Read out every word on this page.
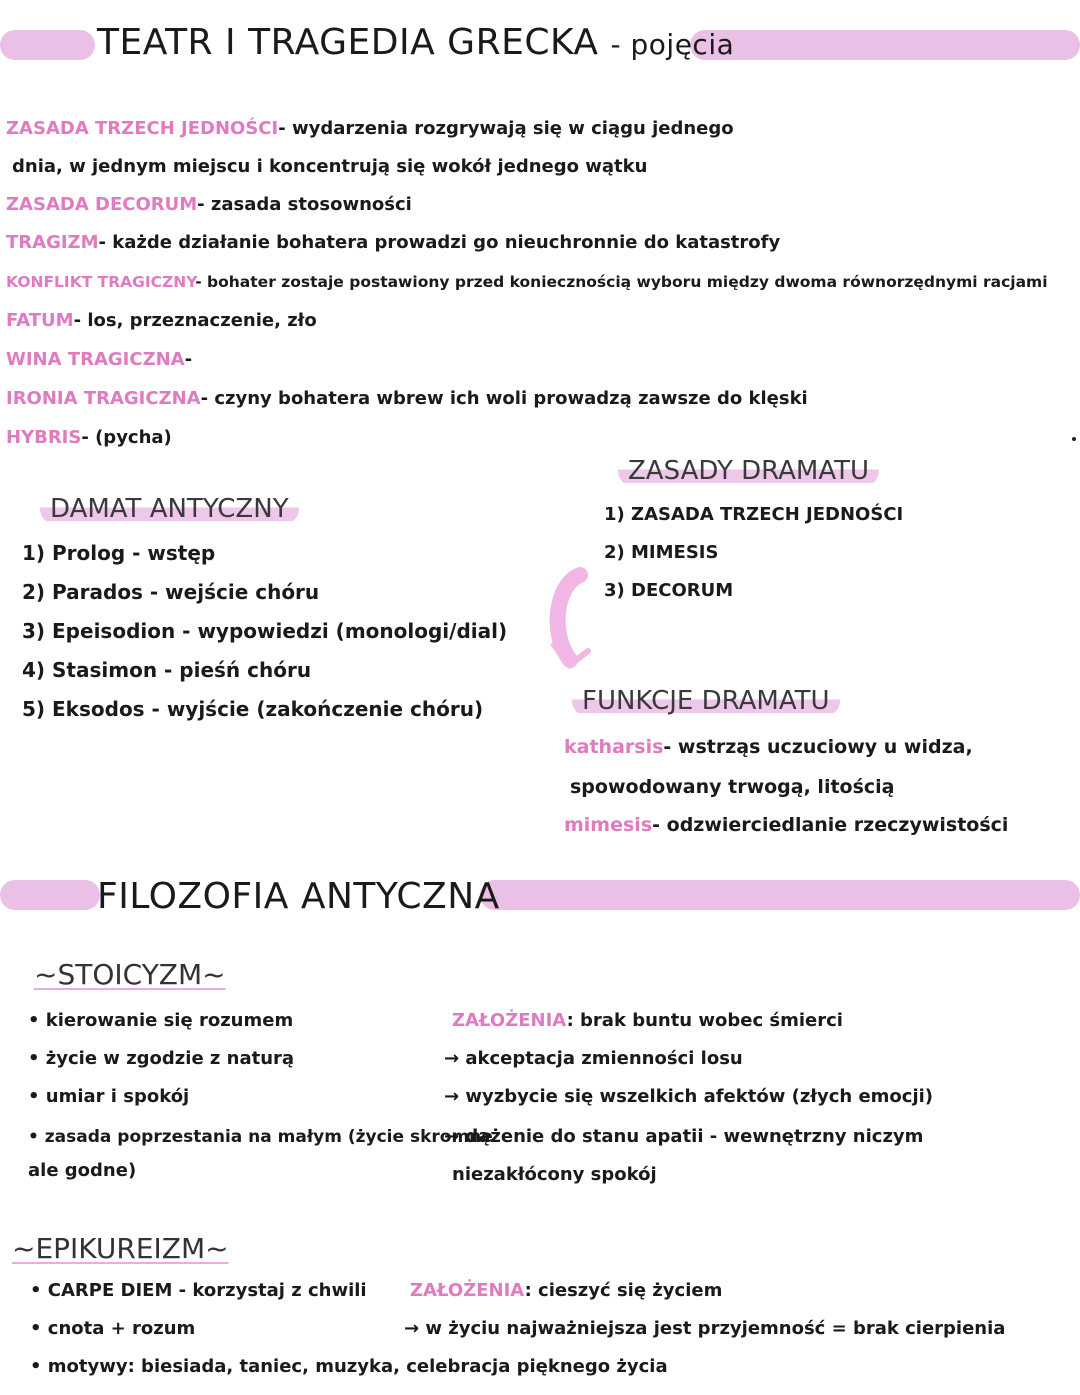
TEATR I TRAGEDIA GRECKA - pojęcia
ZASADA TRZECH JEDNOŚCI- wydarzenia rozgrywają się w ciągu jednego
dnia, w jednym miejscu i koncentrują się wokół jednego wątku
ZASADA DECORUM- zasada stosowności
TRAGIZM- każde działanie bohatera prowadzi go nieuchronnie do katastrofy
KONFLIKT TRAGICZNY- bohater zostaje postawiony przed koniecznością wyboru między dwoma równorzędnymi racjami
FATUM- los, przeznaczenie, zło
WINA TRAGICZNA-
IRONIA TRAGICZNA- czyny bohatera wbrew ich woli prowadzą zawsze do klęski
HYBRIS- (pycha)
DAMAT ANTYCZNY
1) Prolog - wstęp
2) Parados - wejście chóru
3) Epeisodion - wypowiedzi (monologi/dial)
4) Stasimon - pieśń chóru
5) Eksodos - wyjście (zakończenie chóru)
ZASADY DRAMATU
1) ZASADA TRZECH JEDNOŚCI
2) MIMESIS
3) DECORUM
FUNKCJE DRAMATU
katharsis- wstrząs uczuciowy u widza,
spowodowany trwogą, litością
mimesis- odzwierciedlanie rzeczywistości
FILOZOFIA ANTYCZNA
~STOICYZM~
• kierowanie się rozumem
• życie w zgodzie z naturą
• umiar i spokój
• zasada poprzestania na małym (życie skromne
ale godne)
ZAŁOŻENIA: brak buntu wobec śmierci
→ akceptacja zmienności losu
→ wyzbycie się wszelkich afektów (złych emocji)
→ dążenie do stanu apatii - wewnętrzny niczym
niezakłócony spokój
~EPIKUREIZM~
• CARPE DIEM - korzystaj z chwili
• cnota + rozum
• motywy: biesiada, taniec, muzyka, celebracja pięknego życia
ZAŁOŻENIA: cieszyć się życiem
→ w życiu najważniejsza jest przyjemność = brak cierpienia
